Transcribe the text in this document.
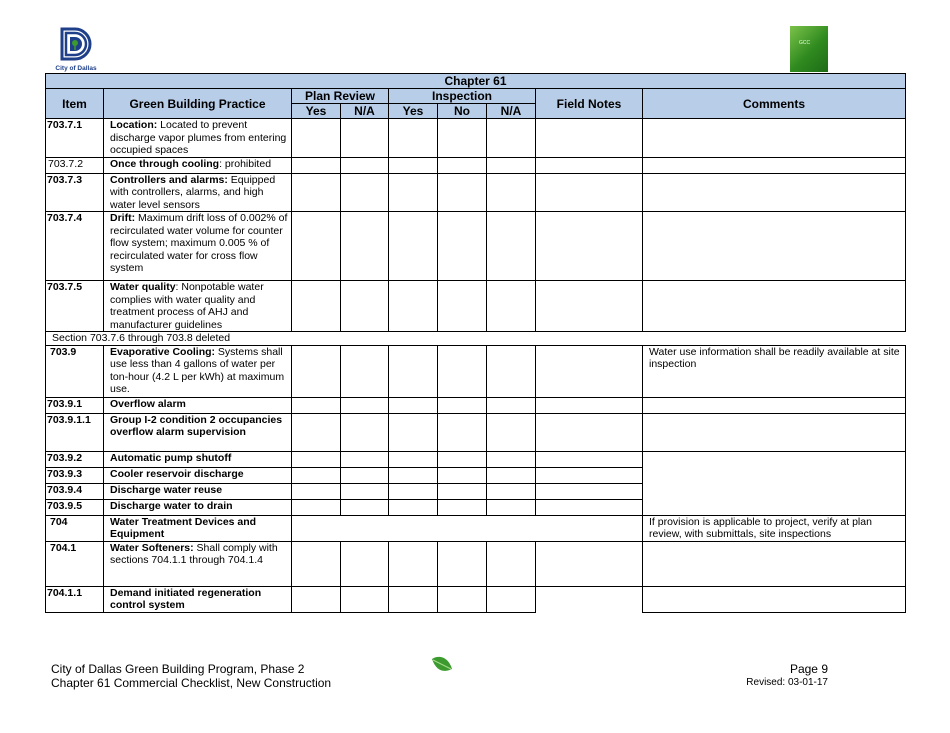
City of Dallas
GCC
Chapter 61								
Item	Green Building Practice	Plan Review		Inspection			Field Notes	Comments
		Yes	N/A	Yes	No	N/A		
703.7.1	Location: Located to prevent discharge vapor plumes from entering occupied spaces							
703.7.2	Once through cooling: prohibited							
703.7.3	Controllers and alarms: Equipped with controllers, alarms, and high water level sensors							
703.7.4	Drift: Maximum drift loss of 0.002% of recirculated water volume for counter flow system; maximum 0.005 % of recirculated water for cross flow system							
703.7.5	Water quality: Nonpotable water complies with water quality and treatment process of AHJ and manufacturer guidelines							
Section 703.7.6 through 703.8 deleted								
703.9	Evaporative Cooling: Systems shall use less than 4 gallons of water per ton-hour (4.2 L per kWh) at maximum use.							Water use information shall be readily available at site inspection
703.9.1	Overflow alarm							
703.9.1.1	Group I-2 condition 2 occupancies overflow alarm supervision							
703.9.2	Automatic pump shutoff							
703.9.3	Cooler reservoir discharge							
703.9.4	Discharge water reuse							
703.9.5	Discharge water to drain							
704	Water Treatment Devices and Equipment							If provision is applicable to project, verify at plan review, with submittals, site inspections
704.1	Water Softeners: Shall comply with sections 704.1.1 through 704.1.4							
704.1.1	Demand initiated regeneration control system							
City of Dallas Green Building Program, Phase 2
Chapter 61 Commercial Checklist, New Construction
Page 9
Revised: 03-01-17
